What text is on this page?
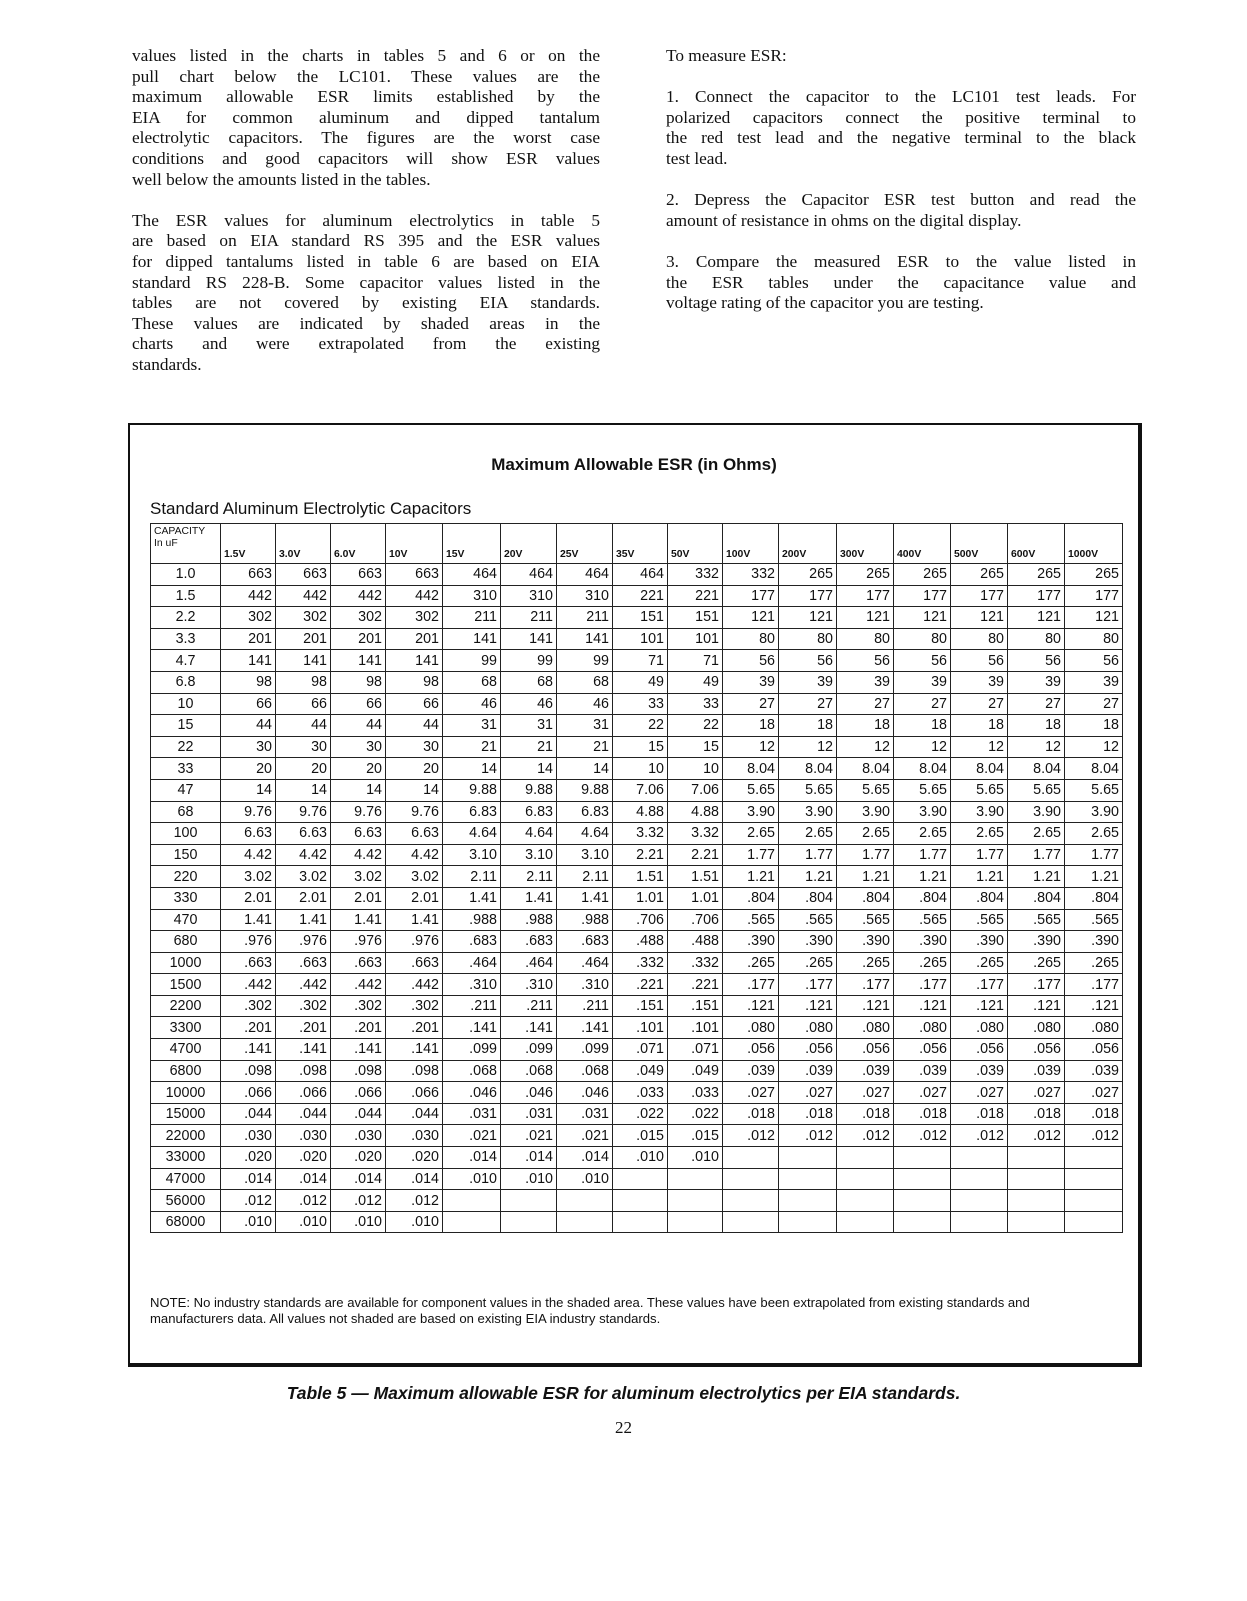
values listed in the charts in tables 5 and 6 or on the
pull chart below the LC101. These values are the
maximum allowable ESR limits established by the
EIA for common aluminum and dipped tantalum
electrolytic capacitors. The figures are the worst case
conditions and good capacitors will show ESR values
well below the amounts listed in the tables.

The ESR values for aluminum electrolytics in table 5
are based on EIA standard RS 395 and the ESR values
for dipped tantalums listed in table 6 are based on EIA
standard RS 228-B. Some capacitor values listed in the
tables are not covered by existing EIA standards.
These values are indicated by shaded areas in the
charts and were extrapolated from the existing
standards.

To measure ESR:

1. Connect the capacitor to the LC101 test leads. For
polarized capacitors connect the positive terminal to
the red test lead and the negative terminal to the black
test lead.

2. Depress the Capacitor ESR test button and read the
amount of resistance in ohms on the digital display.

3. Compare the measured ESR to the value listed in
the ESR tables under the capacitance value and
voltage rating of the capacitor you are testing.

Maximum Allowable ESR (in Ohms)
Standard Aluminum Electrolytic Capacitors
CAPACITY
In uF	1.5V	3.0V	6.0V	10V	15V	20V	25V	35V	50V	100V	200V	300V	400V	500V	600V	1000V
1.0	663	663	663	663	464	464	464	464	332	332	265	265	265	265	265	265
1.5	442	442	442	442	310	310	310	221	221	177	177	177	177	177	177	177
2.2	302	302	302	302	211	211	211	151	151	121	121	121	121	121	121	121
3.3	201	201	201	201	141	141	141	101	101	80	80	80	80	80	80	80
4.7	141	141	141	141	99	99	99	71	71	56	56	56	56	56	56	56
6.8	98	98	98	98	68	68	68	49	49	39	39	39	39	39	39	39
10	66	66	66	66	46	46	46	33	33	27	27	27	27	27	27	27
15	44	44	44	44	31	31	31	22	22	18	18	18	18	18	18	18
22	30	30	30	30	21	21	21	15	15	12	12	12	12	12	12	12
33	20	20	20	20	14	14	14	10	10	8.04	8.04	8.04	8.04	8.04	8.04	8.04
47	14	14	14	14	9.88	9.88	9.88	7.06	7.06	5.65	5.65	5.65	5.65	5.65	5.65	5.65
68	9.76	9.76	9.76	9.76	6.83	6.83	6.83	4.88	4.88	3.90	3.90	3.90	3.90	3.90	3.90	3.90
100	6.63	6.63	6.63	6.63	4.64	4.64	4.64	3.32	3.32	2.65	2.65	2.65	2.65	2.65	2.65	2.65
150	4.42	4.42	4.42	4.42	3.10	3.10	3.10	2.21	2.21	1.77	1.77	1.77	1.77	1.77	1.77	1.77
220	3.02	3.02	3.02	3.02	2.11	2.11	2.11	1.51	1.51	1.21	1.21	1.21	1.21	1.21	1.21	1.21
330	2.01	2.01	2.01	2.01	1.41	1.41	1.41	1.01	1.01	.804	.804	.804	.804	.804	.804	.804
470	1.41	1.41	1.41	1.41	.988	.988	.988	.706	.706	.565	.565	.565	.565	.565	.565	.565
680	.976	.976	.976	.976	.683	.683	.683	.488	.488	.390	.390	.390	.390	.390	.390	.390
1000	.663	.663	.663	.663	.464	.464	.464	.332	.332	.265	.265	.265	.265	.265	.265	.265
1500	.442	.442	.442	.442	.310	.310	.310	.221	.221	.177	.177	.177	.177	.177	.177	.177
2200	.302	.302	.302	.302	.211	.211	.211	.151	.151	.121	.121	.121	.121	.121	.121	.121
3300	.201	.201	.201	.201	.141	.141	.141	.101	.101	.080	.080	.080	.080	.080	.080	.080
4700	.141	.141	.141	.141	.099	.099	.099	.071	.071	.056	.056	.056	.056	.056	.056	.056
6800	.098	.098	.098	.098	.068	.068	.068	.049	.049	.039	.039	.039	.039	.039	.039	.039
10000	.066	.066	.066	.066	.046	.046	.046	.033	.033	.027	.027	.027	.027	.027	.027	.027
15000	.044	.044	.044	.044	.031	.031	.031	.022	.022	.018	.018	.018	.018	.018	.018	.018
22000	.030	.030	.030	.030	.021	.021	.021	.015	.015	.012	.012	.012	.012	.012	.012	.012
33000	.020	.020	.020	.020	.014	.014	.014	.010	.010							
47000	.014	.014	.014	.014	.010	.010	.010									
56000	.012	.012	.012	.012												
68000	.010	.010	.010	.010												
NOTE: No industry standards are available for component values in the shaded area. These values have been extrapolated from existing standards and manufacturers data. All values not shaded are based on existing EIA industry standards.
Table 5 — Maximum allowable ESR for aluminum electrolytics per EIA standards.
22
